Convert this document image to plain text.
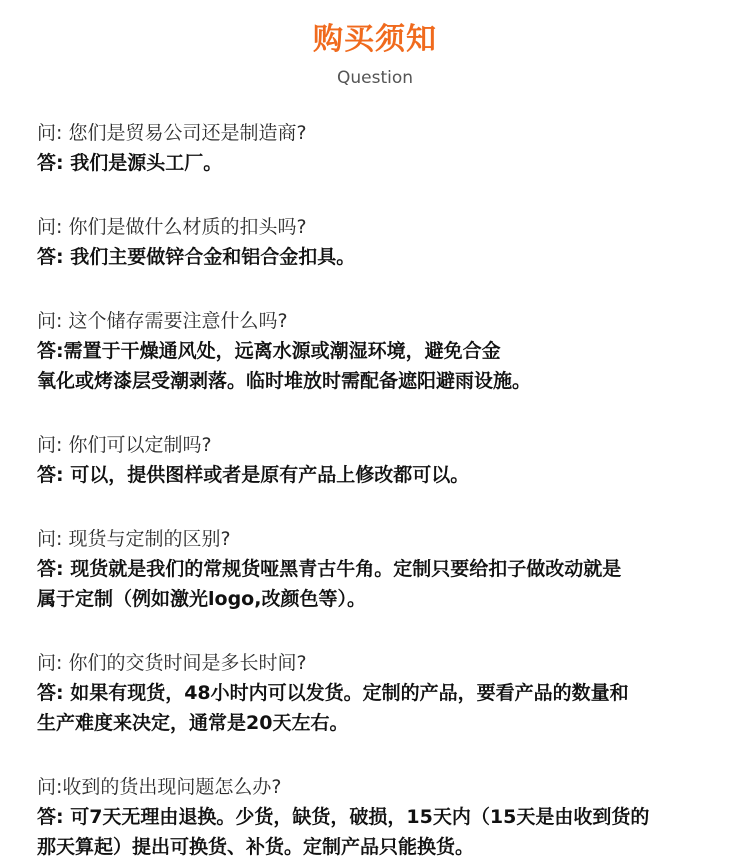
购买须知
Question

问: 您们是贸易公司还是制造商?

答: 我们是源头工厂。

问: 你们是做什么材质的扣头吗?

答: 我们主要做锌合金和铝合金扣具。

问: 这个储存需要注意什么吗?

答:需置于干燥通风处，远离水源或潮湿环境，避免合金
氧化或烤漆层受潮剥落。临时堆放时需配备遮阳避雨设施。

问: 你们可以定制吗?

答: 可以，提供图样或者是原有产品上修改都可以。

问: 现货与定制的区别?

答: 现货就是我们的常规货哑黑青古牛角。定制只要给扣子做改动就是
属于定制（例如激光logo,改颜色等）。

问: 你们的交货时间是多长时间?

答: 如果有现货，48小时内可以发货。定制的产品，要看产品的数量和
生产难度来决定，通常是20天左右。

问:收到的货出现问题怎么办?

答: 可7天无理由退换。少货，缺货，破损，15天内（15天是由收到货的
那天算起）提出可换货、补货。定制产品只能换货。
